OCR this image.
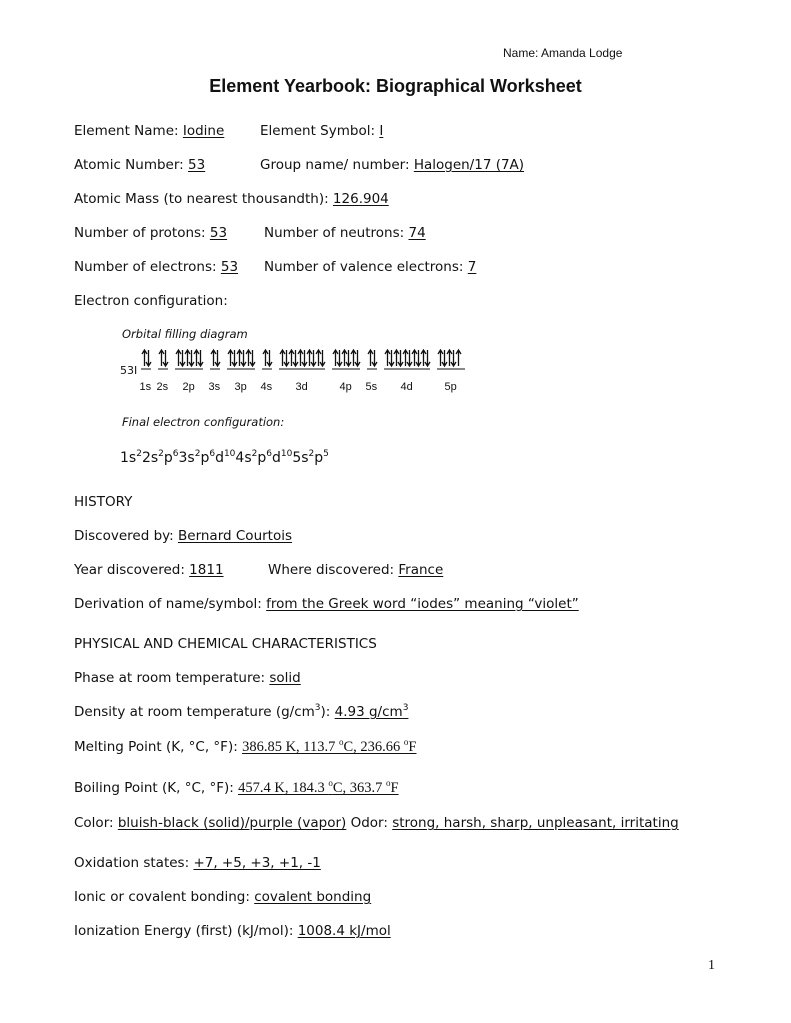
Name: Amanda Lodge
Element Yearbook: Biographical Worksheet
Element Name: Iodine	Element Symbol: I
Atomic Number: 53	Group name/ number: Halogen/17 (7A)
Atomic Mass (to nearest thousandth): 126.904
Number of protons: 53	Number of neutrons: 74
Number of electrons: 53 Number of valence electrons: 7
Electron configuration:
Orbital filling diagram
53I
1s 2s 2p 3s 3p 4s 3d	4p 5s 4d	5p
Final electron configuration:
$1s^22s^2p^63s^2p^6d^{10}4s^2p^6d^{10}5s^2p^5$
HISTORY
Discovered by: Bernard Courtois
Year discovered: 1811	Where discovered: France
Derivation of name/symbol: from the Greek word “iodes” meaning “violet”
PHYSICAL AND CHEMICAL CHARACTERISTICS
Phase at room temperature: solid
Density at room temperature $(g/cm^3)$: 4.93 $g/cm^3$
Melting Point (K, °C, °F): 386.85 K, 113.7 $^o$C, 236.66 $^o$F
Boiling Point (K, °C, °F): 457.4 K, 184.3 $^o$C, 363.7 $^o$F
Color: bluish-black (solid)/purple (vapor) Odor: strong, harsh, sharp, unpleasant, irritating
Oxidation states: +7, +5, +3, +1, -1
Ionic or covalent bonding: covalent bonding
Ionization Energy (first) (kJ/mol): 1008.4 kJ/mol
1
